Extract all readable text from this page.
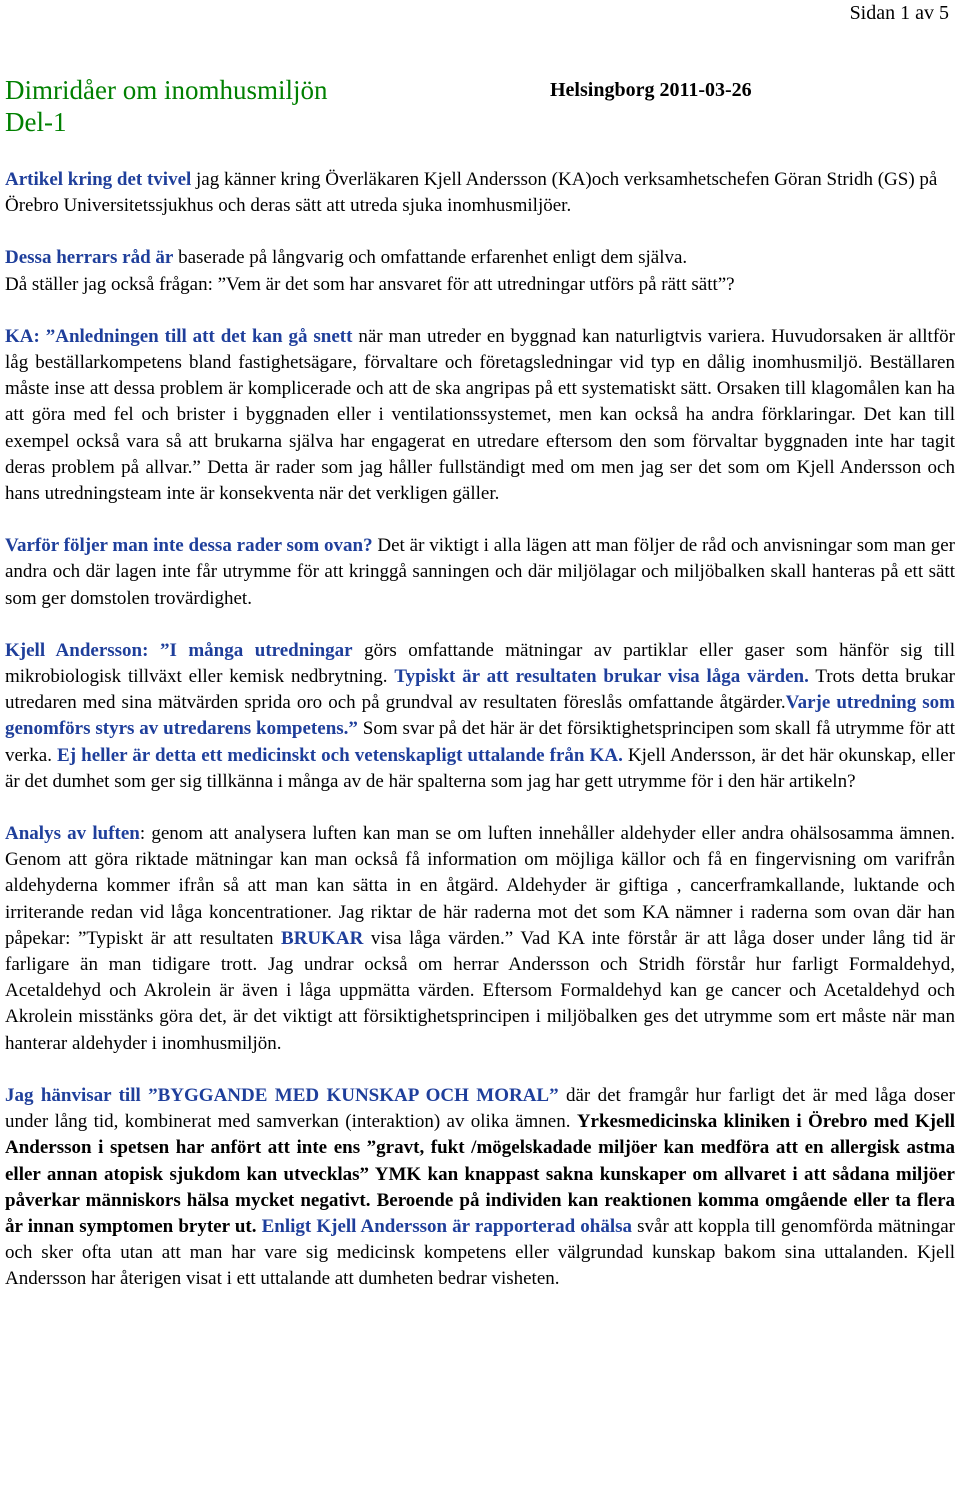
Sidan 1 av 5
Dimridåer om inomhusmiljön
Del-1
Helsingborg 2011-03-26

Artikel kring det tvivel jag känner kring Överläkaren Kjell Andersson (KA)och verksamhetschefen Göran Stridh (GS) på Örebro Universitetssjukhus och deras sätt att utreda sjuka inomhusmiljöer.

Dessa herrars råd är baserade på långvarig och omfattande erfarenhet enligt dem själva.
Då ställer jag också frågan: ”Vem är det som har ansvaret för att utredningar utförs på rätt sätt”?

KA: ”Anledningen till att det kan gå snett när man utreder en byggnad kan naturligtvis variera. Huvudorsaken är alltför låg beställarkompetens bland fastighetsägare, förvaltare och företagsledningar vid typ en dålig inomhusmiljö. Beställaren måste inse att dessa problem är komplicerade och att de ska angripas på ett systematiskt sätt. Orsaken till klagomålen kan ha att göra med fel och brister i byggnaden eller i ventilationssystemet, men kan också ha andra förklaringar. Det kan till exempel också vara så att brukarna själva har engagerat en utredare eftersom den som förvaltar byggnaden inte har tagit deras problem på allvar.” Detta är rader som jag håller fullständigt med om men jag ser det som om Kjell Andersson och hans utredningsteam inte är konsekventa när det verkligen gäller.

Varför följer man inte dessa rader som ovan? Det är viktigt i alla lägen att man följer de råd och anvisningar som man ger andra och där lagen inte får utrymme för att kringgå sanningen och där miljölagar och miljöbalken skall hanteras på ett sätt som ger domstolen trovärdighet.

Kjell Andersson: ”I många utredningar görs omfattande mätningar av partiklar eller gaser som hänför sig till mikrobiologisk tillväxt eller kemisk nedbrytning. Typiskt är att resultaten brukar visa låga värden. Trots detta brukar utredaren med sina mätvärden sprida oro och på grundval av resultaten föreslås omfattande åtgärder.Varje utredning som genomförs styrs av utredarens kompetens.” Som svar på det här är det försiktighetsprincipen som skall få utrymme för att verka. Ej heller är detta ett medicinskt och vetenskapligt uttalande från KA. Kjell Andersson, är det här okunskap, eller är det dumhet som ger sig tillkänna i många av de här spalterna som jag har gett utrymme för i den här artikeln?

Analys av luften: genom att analysera luften kan man se om luften innehåller aldehyder eller andra ohälsosamma ämnen. Genom att göra riktade mätningar kan man också få information om möjliga källor och få en fingervisning om varifrån aldehyderna kommer ifrån så att man kan sätta in en åtgärd. Aldehyder är giftiga , cancerframkallande, luktande och irriterande redan vid låga koncentrationer. Jag riktar de här raderna mot det som KA nämner i raderna som ovan där han påpekar: ”Typiskt är att resultaten BRUKAR visa låga värden.” Vad KA inte förstår är att låga doser under lång tid är farligare än man tidigare trott. Jag undrar också om herrar Andersson och Stridh förstår hur farligt Formaldehyd, Acetaldehyd och Akrolein är även i låga uppmätta värden. Eftersom Formaldehyd kan ge cancer och Acetaldehyd och Akrolein misstänks göra det, är det viktigt att försiktighetsprincipen i miljöbalken ges det utrymme som ert måste när man hanterar aldehyder i inomhusmiljön.

Jag hänvisar till ”BYGGANDE MED KUNSKAP OCH MORAL” där det framgår hur farligt det är med låga doser under lång tid, kombinerat med samverkan (interaktion) av olika ämnen. Yrkesmedicinska kliniken i Örebro med Kjell Andersson i spetsen har anfört att inte ens ”gravt, fukt /mögelskadade miljöer kan medföra att en allergisk astma eller annan atopisk sjukdom kan utvecklas” YMK kan knappast sakna kunskaper om allvaret i att sådana miljöer påverkar människors hälsa mycket negativt. Beroende på individen kan reaktionen komma omgående eller ta flera år innan symptomen bryter ut. Enligt Kjell Andersson är rapporterad ohälsa svår att koppla till genomförda mätningar och sker ofta utan att man har vare sig medicinsk kompetens eller välgrundad kunskap bakom sina uttalanden. Kjell Andersson har återigen visat i ett uttalande att dumheten bedrar visheten.
